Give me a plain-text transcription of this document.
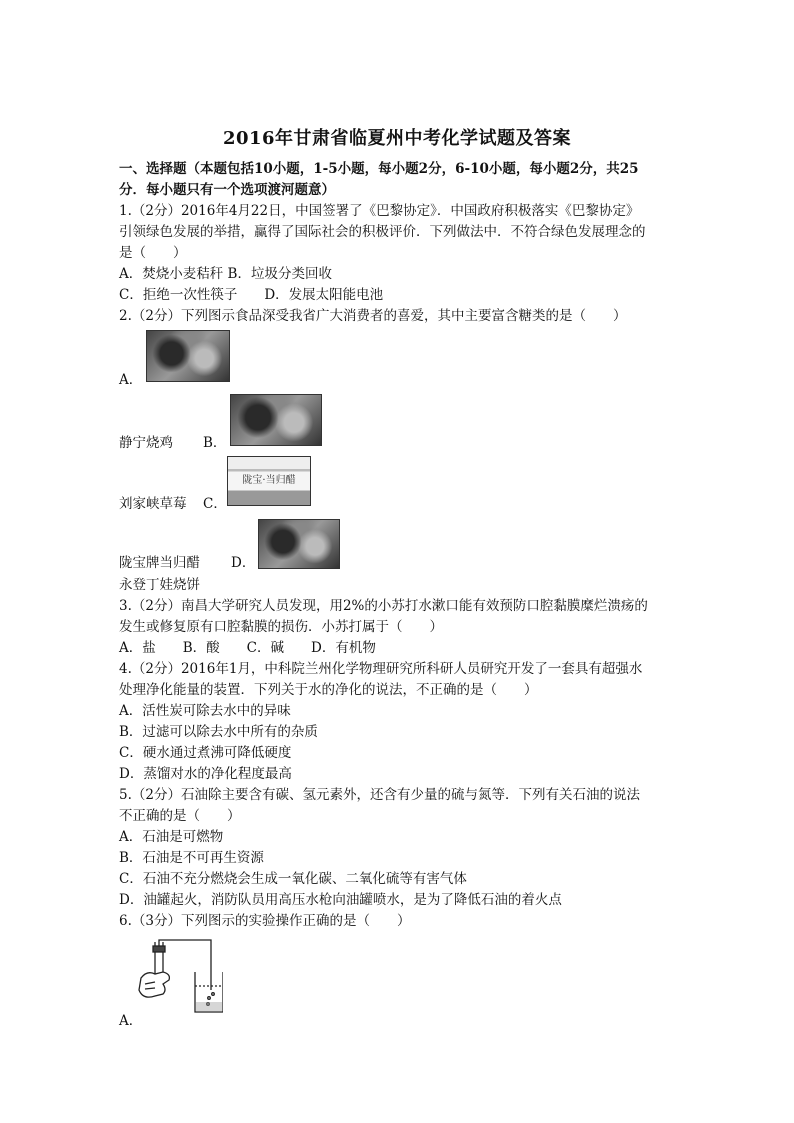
2016年甘肃省临夏州中考化学试题及答案
一、选择题（本题包括10小题，1-5小题，每小题2分，6-10小题，每小题2分，共25
分．每小题只有一个选项渡河题意）
1.（2分）2016年4月22日，中国签署了《巴黎协定》．中国政府积极落实《巴黎协定》
引领绿色发展的举措，赢得了国际社会的积极评价．下列做法中．不符合绿色发展理念的
是（　　）
A．焚烧小麦秸秆 B．垃圾分类回收
C．拒绝一次性筷子　　D．发展太阳能电池
2.（2分）下列图示食品深受我省广大消费者的喜爱，其中主要富含糖类的是（　　）
A．
静宁烧鸡 B．
陇宝·当归醋
刘家峡草莓 C．
陇宝牌当归醋 D．
永登丁娃烧饼
3.（2分）南昌大学研究人员发现，用2%的小苏打水漱口能有效预防口腔黏膜糜烂溃疡的
发生或修复原有口腔黏膜的损伤．小苏打属于（　　）
A．盐　　B．酸　　C．碱　　D．有机物
4.（2分）2016年1月，中科院兰州化学物理研究所科研人员研究开发了一套具有超强水
处理净化能量的装置．下列关于水的净化的说法，不正确的是（　　）
A．活性炭可除去水中的异味
B．过滤可以除去水中所有的杂质
C．硬水通过煮沸可降低硬度
D．蒸馏对水的净化程度最高
5.（2分）石油除主要含有碳、氢元素外，还含有少量的硫与氮等．下列有关石油的说法
不正确的是（　　）
A．石油是可燃物
B．石油是不可再生资源
C．石油不充分燃烧会生成一氧化碳、二氧化硫等有害气体
D．油罐起火，消防队员用高压水枪向油罐喷水，是为了降低石油的着火点
6.（3分）下列图示的实验操作正确的是（　　）
A．
